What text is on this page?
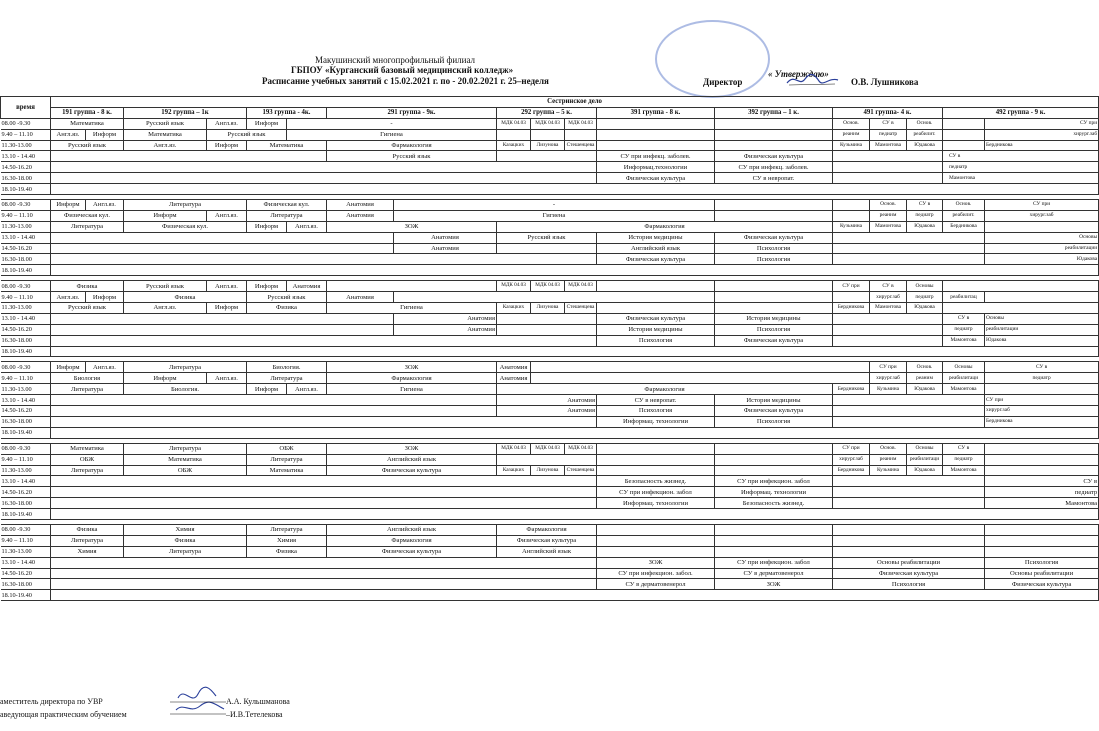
Макушинский многопрофильный филиал
ГБПОУ «Курганский базовый медицинский колледж»
Расписание учебных занятий с 15.02.2021 г. по - 20.02.2021 г. 25–неделя
« Утверждаю»
Директор	О.В. Лушникова
время	Сестринское дело																		
	191 группа - 8 к.		192 группа – 1к		193 группа - 4к.		291 группа - 9к.		292 группа – 5 к.			391 группа - 8 к.	392 группа – 1 к.	491 группа- 4 к.			492 группа - 9 к.		
08.00 -9.30	Математика		Русский язык	Англ.яз.	Информ	-			МДК 04.03	МДК 04.03	МДК 04.03			Основ.	СУ в	Основ.		СУ при	
9.40 – 11.10	Англ.яз.	Информ	Математика	Русский язык		Гигиена								реаним	педиатр	реабилит.		хирург.заб	
11.30-13.00	Русский язык		Англ.яз.	Информ	Математика		Фармакология		Казацких	Лизунова	Стешенцева			Кузьмина	Мамонтова	Юдакова		Бердникова	
13.10 - 14.40							Русский язык					СУ при инфекц. заболев.	Физическая культура				СУ в		
14.50-16.20												Информац.технологии	СУ при инфекц. заболев.				педиатр		
16.30-18.00												Физическая культура	СУ в невропат.				Мамонтова		
18.10-19.40																			

08.00 -9.30	Информ	Англ.яз.	Литература		Физическая кул.		Анатомия	-							Основ.	СУ в	Основ.	СУ при	
9.40 – 11.10	Физическая кул.		Информ	Англ.яз.	Литература		Анатомия	Гигиена							реаним	педиатр	реабилит.	хирург.заб	
11.30-13.00	Литература		Физическая кул.		Информ	Англ.яз.	ЗОЖ		Фармакология					Кузьмина	Мамонтова	Юдакова	Бердникова		
13.10 - 14.40								Анатомия	Русский язык			История медицины	Физическая культура					Основы	
14.50-16.20								Анатомия				Английский язык	Психология					реабилитации	
16.30-18.00												Физическая культура	Психология					Юдакова	
18.10-19.40																			

08.00 -9.30	Физика		Русский язык	Англ.яз.	Информ	Анатомия			МДК 04.03	МДК 04.03	МДК 04.03			СУ при	СУ в	Основы			
9.40 – 11.10	Англ.яз.	Информ	Физика		Русский язык		Анатомия								хирург.заб	педиатр	реабилитац		
11.30-13.00	Русский язык		Англ.яз.	Информ	Физика		Гигиена		Казацких	Лизунова	Стешенцева			Бердникова	Мамонтова	Юдакова			
13.10 - 14.40								Анатомия				Физическая культура	История медицины				СУ в	Основы	
14.50-16.20								Анатомия				История медицины	Психология				педиатр	реабилитации	
16.30-18.00												Психология	Физическая культура				Мамонтова	Юдакова	
18.10-19.40																			

08.00 -9.30	Информ	Англ.яз.	Литература		Биология.		ЗОЖ		Анатомия						СУ при	Основ.	Основы	СУ в	
9.40 – 11.10	Биология		Информ	Англ.яз.	Литература		Фармакология		Анатомия						хирург.заб	реаним	реабилитаци	педиатр	
11.30-13.00	Литература		Биология.		Информ	Англ.яз.	Гигиена		Фармакология					Бердникова	Кузьмина	Юдакова	Мамонтова		
13.10 - 14.40									Анатомия			СУ в невропат.	История медицины					СУ при	
14.50-16.20									Анатомия			Психология	Физическая культура					хирург.заб	
16.30-18.00												Информац. технологии	Психология					Бердникова	
18.10-19.40																			

08.00 -9.30	Математика		Литература		ОБЖ		ЗОЖ		МДК 04.03	МДК 04.03	МДК 04.03			СУ при	Основ.	Основы	СУ в		
9.40 – 11.10	ОБЖ		Математика		Литература		Английский язык							хирург.заб	реаним	реабилитаци	педиатр		
11.30-13.00	Литература		ОБЖ		Математика		Физическая культура		Казацких	Лизунова	Стешенцева			Бердникова	Кузьмина	Юдакова	Мамонтова		
13.10 - 14.40												Безопасность жизнед.	СУ при инфекцион. забол					СУ в	
14.50-16.20												СУ при инфекцион. забол	Информац. технологии					педиатр	
16.30-18.00												Информац. технологии	Безопасность жизнед.					Мамонтова	
18.10-19.40																			

08.00 -9.30	Физика		Химия		Литература		Английский язык		Фармакология										
9.40 – 11.10	Литература		Физика		Химия		Фармакология		Физическая культура										
11.30-13.00	Химия		Литература		Физика		Физическая культура		Английский язык										
13.10 - 14.40												ЗОЖ	СУ при инфекцион. забол	Основы реабилитации				Психология	
14.50-16.20												СУ при инфекцион. забол.	СУ в дерматовенерол	Физическая культура				Основы реабилитации	
16.30-18.00												СУ в дерматовенерол	ЗОЖ	Психология				Физическая культура	
18.10-19.40																			
аместитель директора по УВР
аведующая практическим обучением
А.А. Кульшманова
–И.В.Тетелекова
